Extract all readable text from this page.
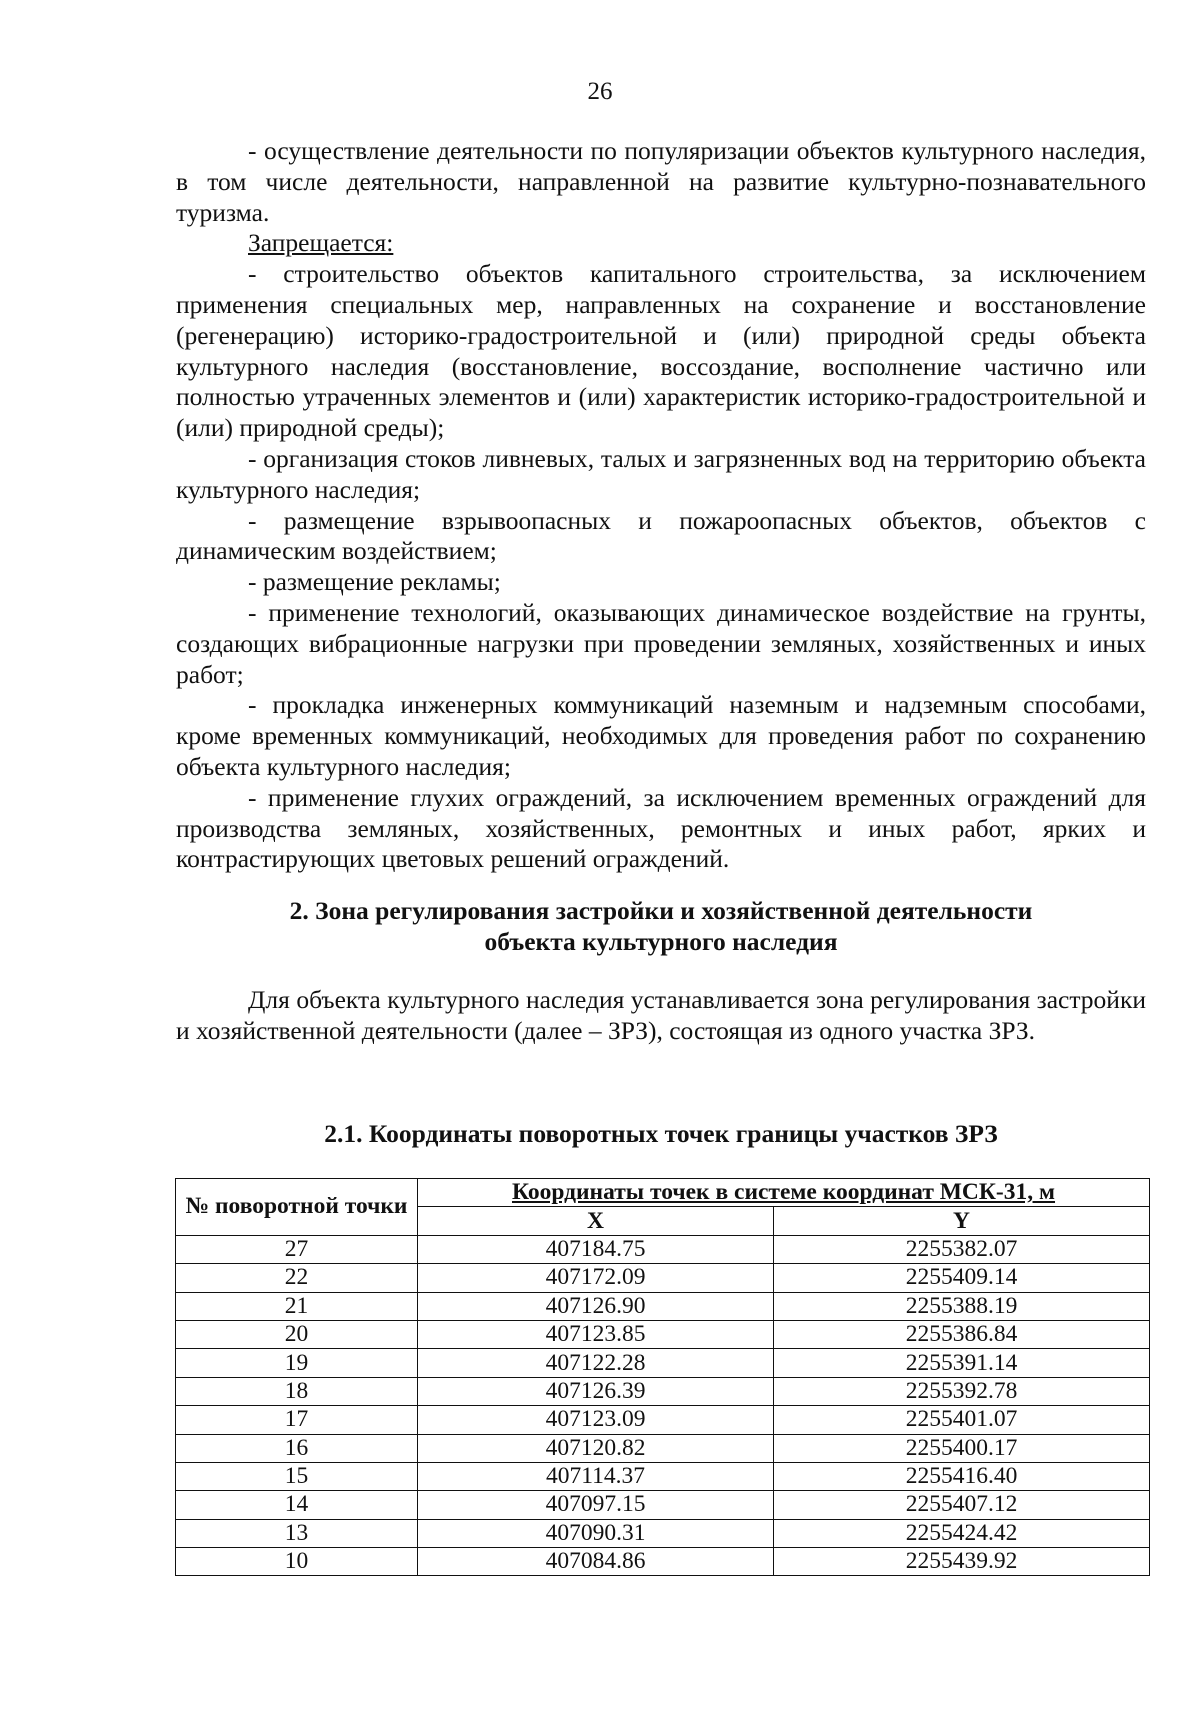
26

- осуществление деятельности по популяризации объектов культурного наследия, в том числе деятельности, направленной на развитие культурно-познавательного туризма.

Запрещается:

- строительство объектов капитального строительства, за исключением применения специальных мер, направленных на сохранение и восстановление (регенерацию) историко-градостроительной и (или) природной среды объекта культурного наследия (восстановление, воссоздание, восполнение частично или полностью утраченных элементов и (или) характеристик историко-градостроительной и (или) природной среды);

- организация стоков ливневых, талых и загрязненных вод на территорию объекта культурного наследия;

- размещение взрывоопасных и пожароопасных объектов, объектов с динамическим воздействием;

- размещение рекламы;

- применение технологий, оказывающих динамическое воздействие на грунты, создающих вибрационные нагрузки при проведении земляных, хозяйственных и иных работ;

- прокладка инженерных коммуникаций наземным и надземным способами, кроме временных коммуникаций, необходимых для проведения работ по сохранению объекта культурного наследия;

- применение глухих ограждений, за исключением временных ограждений для производства земляных, хозяйственных, ремонтных и иных работ, ярких и контрастирующих цветовых решений ограждений.

2. Зона регулирования застройки и хозяйственной деятельности

объекта культурного наследия

Для объекта культурного наследия устанавливается зона регулирования застройки и хозяйственной деятельности (далее – ЗРЗ), состоящая из одного участка ЗРЗ.

2.1. Координаты поворотных точек границы участков ЗРЗ
№ поворотной точки	Координаты точек в системе координат МСК-31, м	
	X	Y
27	407184.75	2255382.07
22	407172.09	2255409.14
21	407126.90	2255388.19
20	407123.85	2255386.84
19	407122.28	2255391.14
18	407126.39	2255392.78
17	407123.09	2255401.07
16	407120.82	2255400.17
15	407114.37	2255416.40
14	407097.15	2255407.12
13	407090.31	2255424.42
10	407084.86	2255439.92
